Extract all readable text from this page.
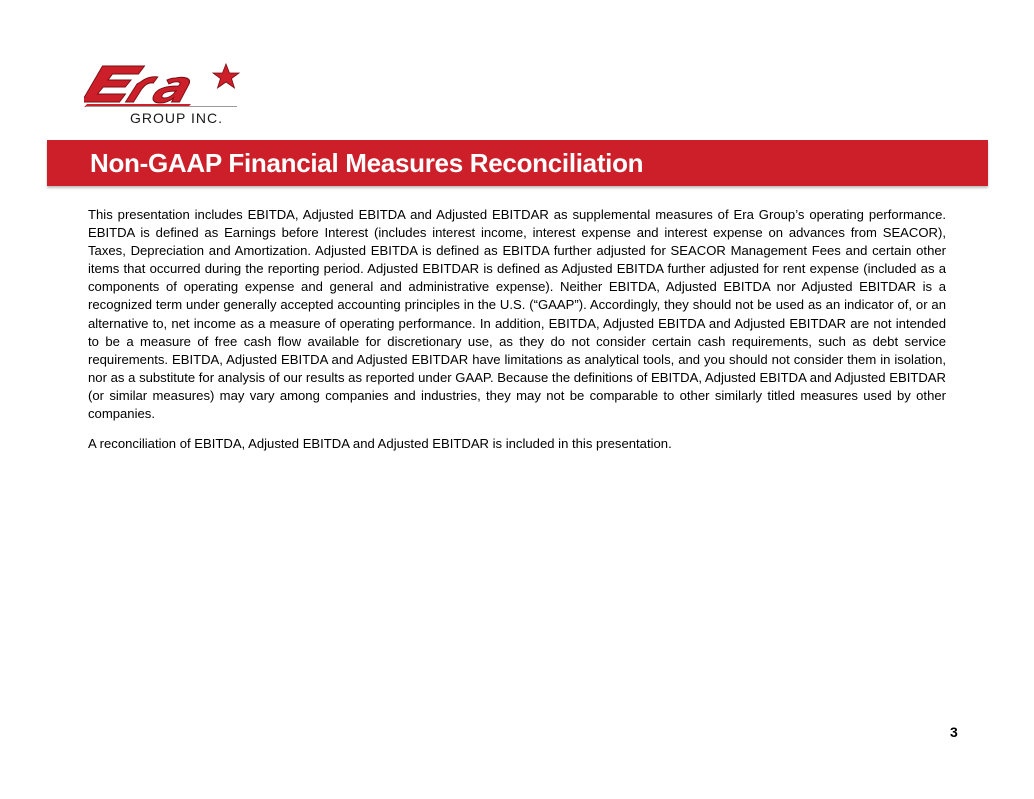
GROUP INC.
Non-GAAP Financial Measures Reconciliation

This presentation includes EBITDA, Adjusted EBITDA and Adjusted EBITDAR as supplemental measures of Era Group’s operating performance. EBITDA is defined as Earnings before Interest (includes interest income, interest expense and interest expense on advances from SEACOR), Taxes, Depreciation and Amortization. Adjusted EBITDA is defined as EBITDA further adjusted for SEACOR Management Fees and certain other items that occurred during the reporting period. Adjusted EBITDAR is defined as Adjusted EBITDA further adjusted for rent expense (included as a components of operating expense and general and administrative expense). Neither EBITDA, Adjusted EBITDA nor Adjusted EBITDAR is a recognized term under generally accepted accounting principles in the U.S. (“GAAP”). Accordingly, they should not be used as an indicator of, or an alternative to, net income as a measure of operating performance. In addition, EBITDA, Adjusted EBITDA and Adjusted EBITDAR are not intended to be a measure of free cash flow available for discretionary use, as they do not consider certain cash requirements, such as debt service requirements. EBITDA, Adjusted EBITDA and Adjusted EBITDAR have limitations as analytical tools, and you should not consider them in isolation, nor as a substitute for analysis of our results as reported under GAAP. Because the definitions of EBITDA, Adjusted EBITDA and Adjusted EBITDAR (or similar measures) may vary among companies and industries, they may not be comparable to other similarly titled measures used by other companies.

A reconciliation of EBITDA, Adjusted EBITDA and Adjusted EBITDAR is included in this presentation.

3
